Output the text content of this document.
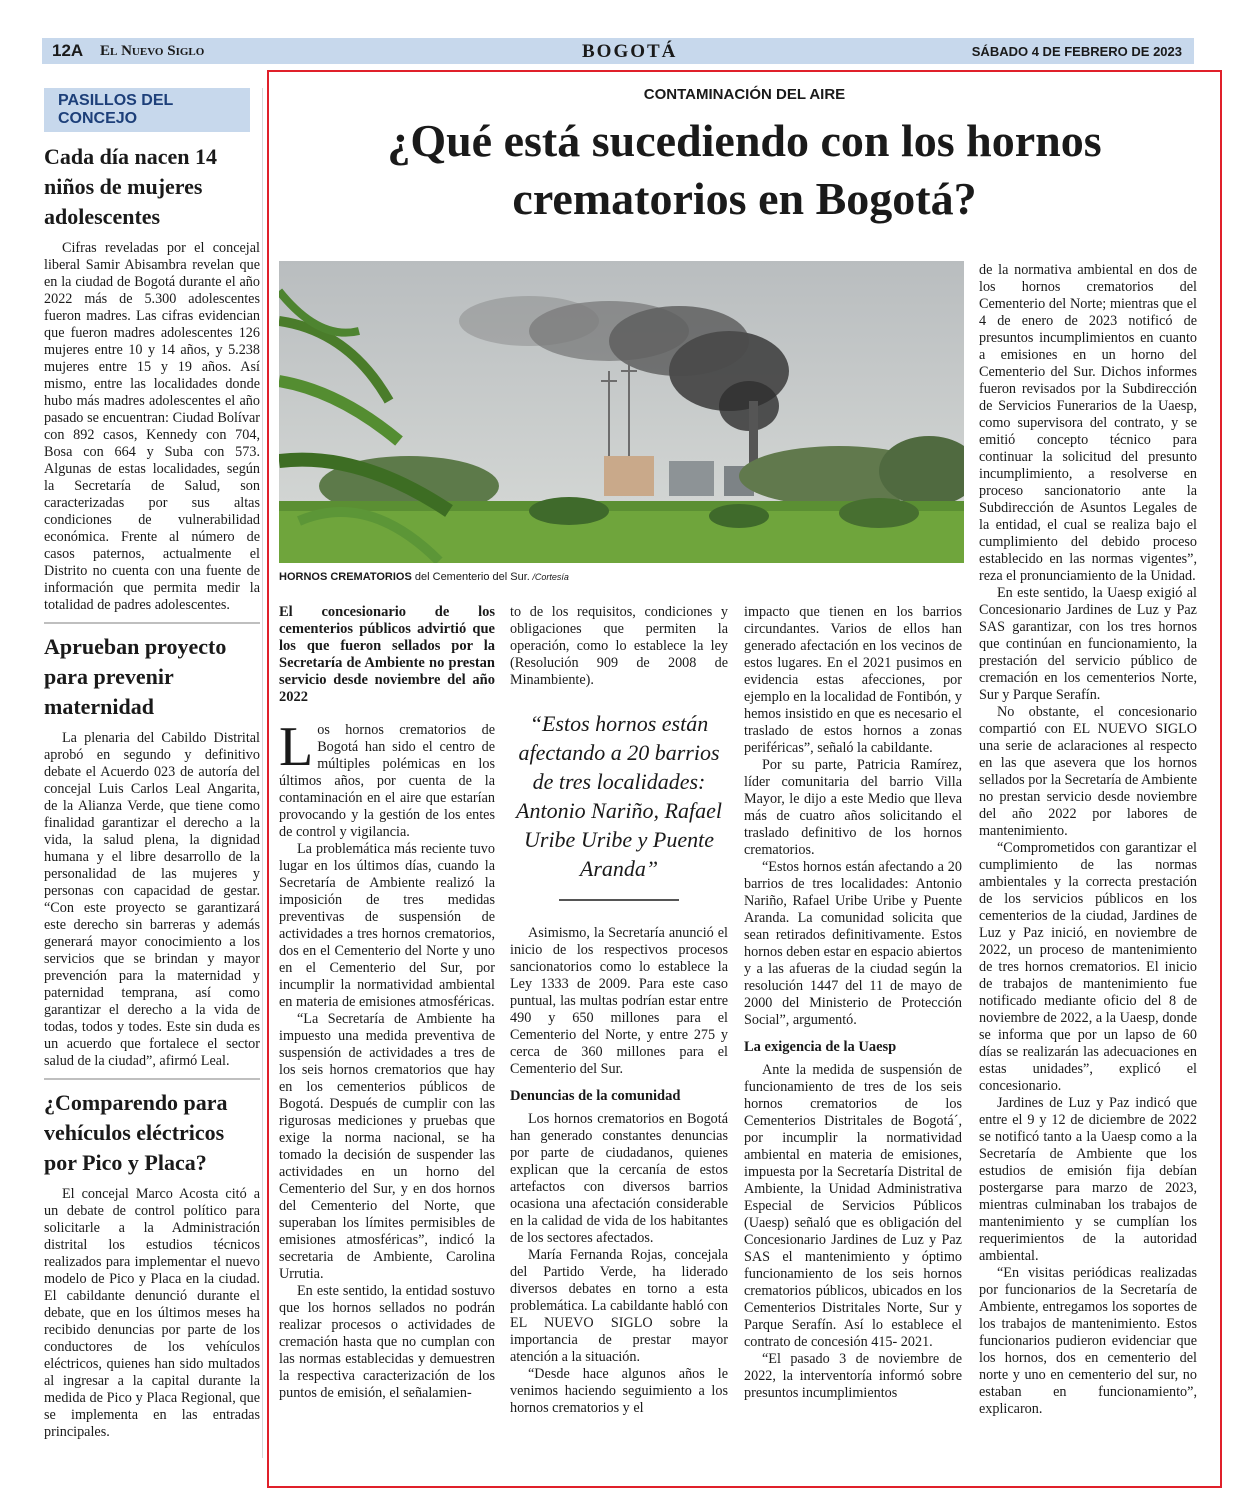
12A El Nuevo Siglo	BOGOTÁ	SÁBADO 4 DE FEBRERO DE 2023
PASILLOS DEL CONCEJO
Cada día nacen 14 niños de mujeres adolescentes

Cifras reveladas por el concejal liberal Samir Abisambra revelan que en la ciudad de Bogotá durante el año 2022 más de 5.300 adolescentes fueron madres. Las cifras evidencian que fueron madres adolescentes 126 mujeres entre 10 y 14 años, y 5.238 mujeres entre 15 y 19 años. Así mismo, entre las localidades donde hubo más madres adolescentes el año pasado se encuentran: Ciudad Bolívar con 892 casos, Kennedy con 704, Bosa con 664 y Suba con 573. Algunas de estas localidades, según la Secretaría de Salud, son caracterizadas por sus altas condiciones de vulnerabilidad económica. Frente al número de casos paternos, actualmente el Distrito no cuenta con una fuente de información que permita medir la totalidad de padres adolescentes.

Aprueban proyecto para prevenir maternidad

La plenaria del Cabildo Distrital aprobó en segundo y definitivo debate el Acuerdo 023 de autoría del concejal Luis Carlos Leal Angarita, de la Alianza Verde, que tiene como finalidad garantizar el derecho a la vida, la salud plena, la dignidad humana y el libre desarrollo de la personalidad de las mujeres y personas con capacidad de gestar. “Con este proyecto se garantizará este derecho sin barreras y además generará mayor conocimiento a los servicios que se brindan y mayor prevención para la maternidad y paternidad temprana, así como garantizar el derecho a la vida de todas, todos y todes. Este sin duda es un acuerdo que fortalece el sector salud de la ciudad”, afirmó Leal.

¿Comparendo para vehículos eléctricos por Pico y Placa?

El concejal Marco Acosta citó a un debate de control político para solicitarle a la Administración distrital los estudios técnicos realizados para implementar el nuevo modelo de Pico y Placa en la ciudad. El cabildante denunció durante el debate, que en los últimos meses ha recibido denuncias por parte de los conductores de los vehículos eléctricos, quienes han sido multados al ingresar a la capital durante la medida de Pico y Placa Regional, que se implementa en las entradas principales.

CONTAMINACIÓN DEL AIRE
¿Qué está sucediendo con los hornos crematorios en Bogotá?
HORNOS CREMATORIOS del Cementerio del Sur. /Cortesía

El concesionario de los cementerios públicos advirtió que los que fueron sellados por la Secretaría de Ambiente no prestan servicio desde noviembre del año 2022

Los hornos crematorios de Bogotá han sido el centro de múltiples polémicas en los últimos años, por cuenta de la contaminación en el aire que estarían provocando y la gestión de los entes de control y vigilancia.

La problemática más reciente tuvo lugar en los últimos días, cuando la Secretaría de Ambiente realizó la imposición de tres medidas preventivas de suspensión de actividades a tres hornos crematorios, dos en el Cementerio del Norte y uno en el Cementerio del Sur, por incumplir la normatividad ambiental en materia de emisiones atmosféricas.

“La Secretaría de Ambiente ha impuesto una medida preventiva de suspensión de actividades a tres de los seis hornos crematorios que hay en los cementerios públicos de Bogotá. Después de cumplir con las rigurosas mediciones y pruebas que exige la norma nacional, se ha tomado la decisión de suspender las actividades en un horno del Cementerio del Sur, y en dos hornos del Cementerio del Norte, que superaban los límites permisibles de emisiones atmosféricas”, indicó la secretaria de Ambiente, Carolina Urrutia.

En este sentido, la entidad sostuvo que los hornos sellados no podrán realizar procesos o actividades de cremación hasta que no cumplan con las normas establecidas y demuestren la respectiva caracterización de los puntos de emisión, el señalamien-

to de los requisitos, condiciones y obligaciones que permiten la operación, como lo establece la ley (Resolución 909 de 2008 de Minambiente).

“Estos hornos están afectando a 20 barrios de tres localidades: Antonio Nariño, Rafael Uribe Uribe y Puente Aranda”

Asimismo, la Secretaría anunció el inicio de los respectivos procesos sancionatorios como lo establece la Ley 1333 de 2009. Para este caso puntual, las multas podrían estar entre 490 y 650 millones para el Cementerio del Norte, y entre 275 y cerca de 360 millones para el Cementerio del Sur.

Denuncias de la comunidad

Los hornos crematorios en Bogotá han generado constantes denuncias por parte de ciudadanos, quienes explican que la cercanía de estos artefactos con diversos barrios ocasiona una afectación considerable en la calidad de vida de los habitantes de los sectores afectados.

María Fernanda Rojas, concejala del Partido Verde, ha liderado diversos debates en torno a esta problemática. La cabildante habló con EL NUEVO SIGLO sobre la importancia de prestar mayor atención a la situación.

“Desde hace algunos años le venimos haciendo seguimiento a los hornos crematorios y el

impacto que tienen en los barrios circundantes. Varios de ellos han generado afectación en los vecinos de estos lugares. En el 2021 pusimos en evidencia estas afecciones, por ejemplo en la localidad de Fontibón, y hemos insistido en que es necesario el traslado de estos hornos a zonas periféricas”, señaló la cabildante.

Por su parte, Patricia Ramírez, líder comunitaria del barrio Villa Mayor, le dijo a este Medio que lleva más de cuatro años solicitando el traslado definitivo de los hornos crematorios.

“Estos hornos están afectando a 20 barrios de tres localidades: Antonio Nariño, Rafael Uribe Uribe y Puente Aranda. La comunidad solicita que sean retirados definitivamente. Estos hornos deben estar en espacio abiertos y a las afueras de la ciudad según la resolución 1447 del 11 de mayo de 2000 del Ministerio de Protección Social”, argumentó.

La exigencia de la Uaesp

Ante la medida de suspensión de funcionamiento de tres de los seis hornos crematorios de los Cementerios Distritales de Bogotá´, por incumplir la normatividad ambiental en materia de emisiones, impuesta por la Secretaría Distrital de Ambiente, la Unidad Administrativa Especial de Servicios Públicos (Uaesp) señaló que es obligación del Concesionario Jardines de Luz y Paz SAS el mantenimiento y óptimo funcionamiento de los seis hornos crematorios públicos, ubicados en los Cementerios Distritales Norte, Sur y Parque Serafín. Así lo establece el contrato de concesión 415- 2021.

“El pasado 3 de noviembre de 2022, la interventoría informó sobre presuntos incumplimientos

de la normativa ambiental en dos de los hornos crematorios del Cementerio del Norte; mientras que el 4 de enero de 2023 notificó de presuntos incumplimientos en cuanto a emisiones en un horno del Cementerio del Sur. Dichos informes fueron revisados por la Subdirección de Servicios Funerarios de la Uaesp, como supervisora del contrato, y se emitió concepto técnico para continuar la solicitud del presunto incumplimiento, a resolverse en proceso sancionatorio ante la Subdirección de Asuntos Legales de la entidad, el cual se realiza bajo el cumplimiento del debido proceso establecido en las normas vigentes”, reza el pronunciamiento de la Unidad.

En este sentido, la Uaesp exigió al Concesionario Jardines de Luz y Paz SAS garantizar, con los tres hornos que continúan en funcionamiento, la prestación del servicio público de cremación en los cementerios Norte, Sur y Parque Serafín.

No obstante, el concesionario compartió con EL NUEVO SIGLO una serie de aclaraciones al respecto en las que asevera que los hornos sellados por la Secretaría de Ambiente no prestan servicio desde noviembre del año 2022 por labores de mantenimiento.

“Comprometidos con garantizar el cumplimiento de las normas ambientales y la correcta prestación de los servicios públicos en los cementerios de la ciudad, Jardines de Luz y Paz inició, en noviembre de 2022, un proceso de mantenimiento de tres hornos crematorios. El inicio de trabajos de mantenimiento fue notificado mediante oficio del 8 de noviembre de 2022, a la Uaesp, donde se informa que por un lapso de 60 días se realizarán las adecuaciones en estas unidades”, explicó el concesionario.

Jardines de Luz y Paz indicó que entre el 9 y 12 de diciembre de 2022 se notificó tanto a la Uaesp como a la Secretaría de Ambiente que los estudios de emisión fija debían postergarse para marzo de 2023, mientras culminaban los trabajos de mantenimiento y se cumplían los requerimientos de la autoridad ambiental.

“En visitas periódicas realizadas por funcionarios de la Secretaría de Ambiente, entregamos los soportes de los trabajos de mantenimiento. Estos funcionarios pudieron evidenciar que los hornos, dos en cementerio del norte y uno en cementerio del sur, no estaban en funcionamiento”, explicaron.
